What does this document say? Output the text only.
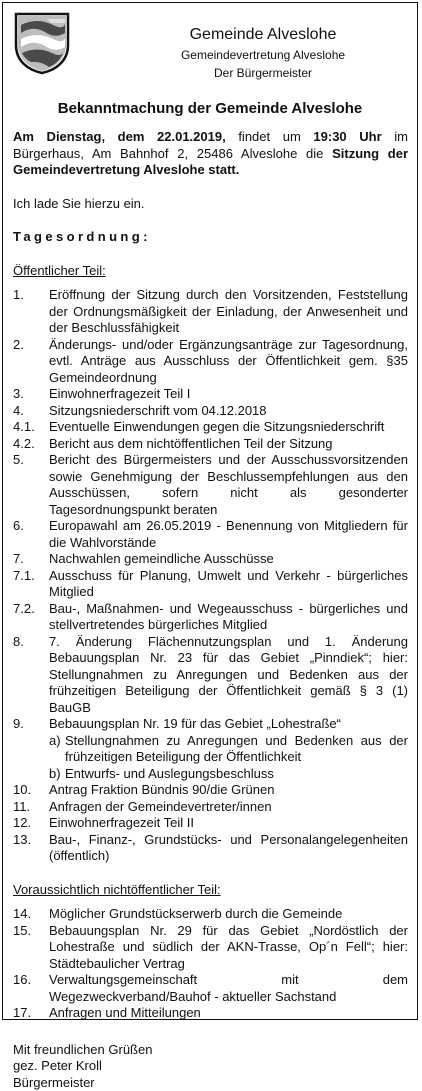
Gemeinde Alveslohe
Gemeindevertretung Alveslohe
Der Bürgermeister
Bekanntmachung der Gemeinde Alveslohe

Am Dienstag, dem 22.01.2019, findet um 19:30 Uhr im Bürgerhaus, Am Bahnhof 2, 25486 Alveslohe die Sitzung der Gemeindevertretung Alveslohe statt.

Ich lade Sie hierzu ein.

Tagesordnung:

Öffentlicher Teil:

1.	Eröffnung der Sitzung durch den Vorsitzenden, Feststellung der Ordnungsmäßigkeit der Einladung, der Anwesenheit und der Beschlussfähigkeit
2.	Änderungs- und/oder Ergänzungsanträge zur Tagesordnung, evtl. Anträge aus Ausschluss der Öffentlichkeit gem. §35 Gemeindeordnung
3.	Einwohnerfragezeit Teil I
4.	Sitzungsniederschrift vom 04.12.2018
4.1.	Eventuelle Einwendungen gegen die Sitzungsniederschrift
4.2.	Bericht aus dem nichtöffentlichen Teil der Sitzung
5.	Bericht des Bürgermeisters und der Ausschussvorsitzenden sowie Genehmigung der Beschlussempfehlungen aus den Ausschüssen, sofern nicht als gesonderter Tagesordnungspunkt beraten
6.	Europawahl am 26.05.2019 - Benennung von Mitgliedern für die Wahlvorstände
7.	Nachwahlen gemeindliche Ausschüsse
7.1.	Ausschuss für Planung, Umwelt und Verkehr - bürgerliches Mitglied
7.2.	Bau-, Maßnahmen- und Wegeausschuss - bürgerliches und stellvertretendes bürgerliches Mitglied
8.	7. Änderung Flächennutzungsplan und 1. Änderung Bebauungsplan Nr. 23 für das Gebiet „Pinndiek“; hier: Stellungnahmen zu Anregungen und Bedenken aus der frühzeitigen Beteiligung der Öffentlichkeit gemäß § 3 (1) BauGB
9.	Bebauungsplan Nr. 19 für das Gebiet „Lohestraße“
a) Stellungnahmen zu Anregungen und Bedenken aus der frühzeitigen Beteiligung der Öffentlichkeit
b) Entwurfs- und Auslegungsbeschluss
10.	Antrag Fraktion Bündnis 90/die Grünen
11.	Anfragen der Gemeindevertreter/innen
12.	Einwohnerfragezeit Teil II
13.	Bau-, Finanz-, Grundstücks- und Personalangelegenheiten (öffentlich)

Voraussichtlich nichtöffentlicher Teil:

14.	Möglicher Grundstückserwerb durch die Gemeinde
15.	Bebauungsplan Nr. 29 für das Gebiet „Nordöstlich der Lohestraße und südlich der AKN-Trasse, Op´n Fell“; hier: Städtebaulicher Vertrag
16.	Verwaltungsgemeinschaft mit dem Wegezweckverband/Bauhof - aktueller Sachstand
17.	Anfragen und Mitteilungen
Mit freundlichen Grüßen
gez. Peter Kroll
Bürgermeister
